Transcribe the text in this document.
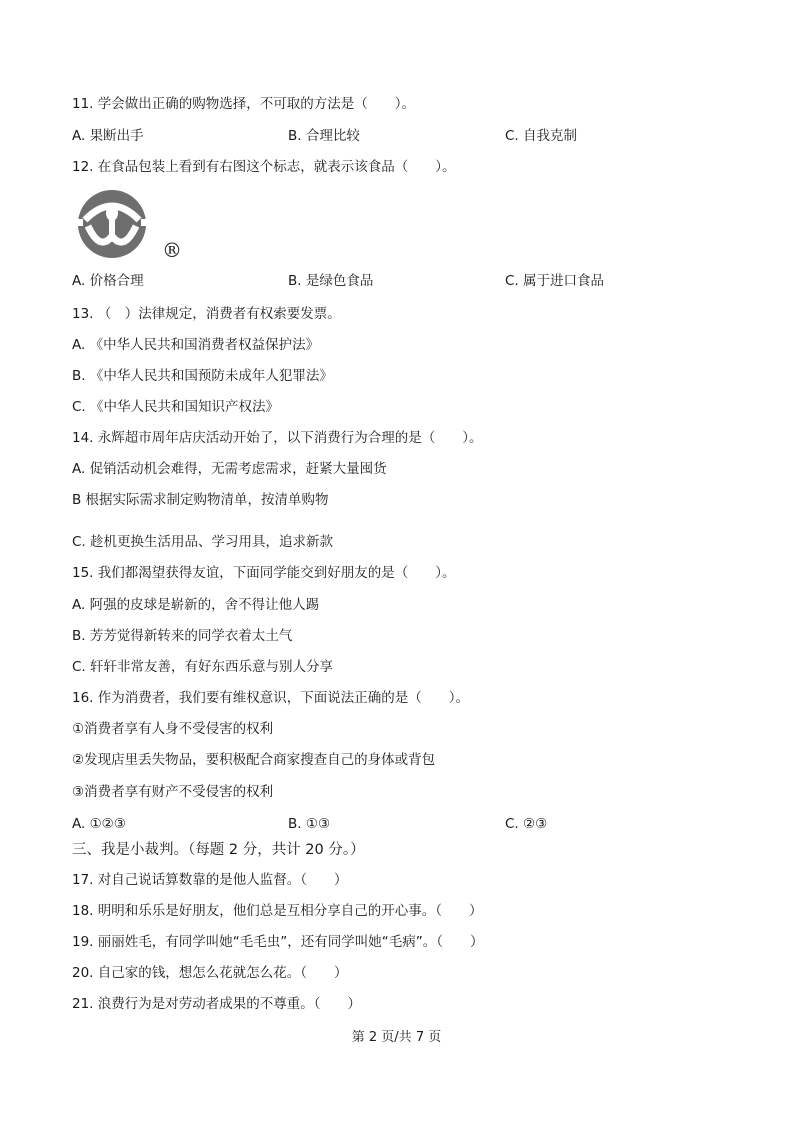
11. 学会做出正确的购物选择，不可取的方法是（　　）。
A. 果断出手	B. 合理比较	C. 自我克制
12. 在食品包装上看到有右图这个标志，就表示该食品（　　）。
®
A. 价格合理	B. 是绿色食品	C. 属于进口食品
13. （　）法律规定，消费者有权索要发票。
A. 《中华人民共和国消费者权益保护法》
B. 《中华人民共和国预防未成年人犯罪法》
C. 《中华人民共和国知识产权法》
14. 永辉超市周年店庆活动开始了，以下消费行为合理的是（　　）。
A. 促销活动机会难得，无需考虑需求，赶紧大量囤货
B 根据实际需求制定购物清单，按清单购物
C. 趁机更换生活用品、学习用具，追求新款
15. 我们都渴望获得友谊，下面同学能交到好朋友的是（　　）。
A. 阿强的皮球是崭新的，舍不得让他人踢
B. 芳芳觉得新转来的同学衣着太土气
C. 轩轩非常友善，有好东西乐意与别人分享
16. 作为消费者，我们要有维权意识，下面说法正确的是（　　）。
①消费者享有人身不受侵害的权利
②发现店里丢失物品，要积极配合商家搜查自己的身体或背包
③消费者享有财产不受侵害的权利
A. ①②③	B. ①③	C. ②③
三、我是小裁判。（每题 2 分，共计 20 分。）
17. 对自己说话算数靠的是他人监督。（　　）
18. 明明和乐乐是好朋友，他们总是互相分享自己的开心事。（　　）
19. 丽丽姓毛，有同学叫她“毛毛虫”，还有同学叫她“毛病”。（　　）
20. 自己家的钱，想怎么花就怎么花。（　　）
21. 浪费行为是对劳动者成果的不尊重。（　　）
第 2 页/共 7 页
